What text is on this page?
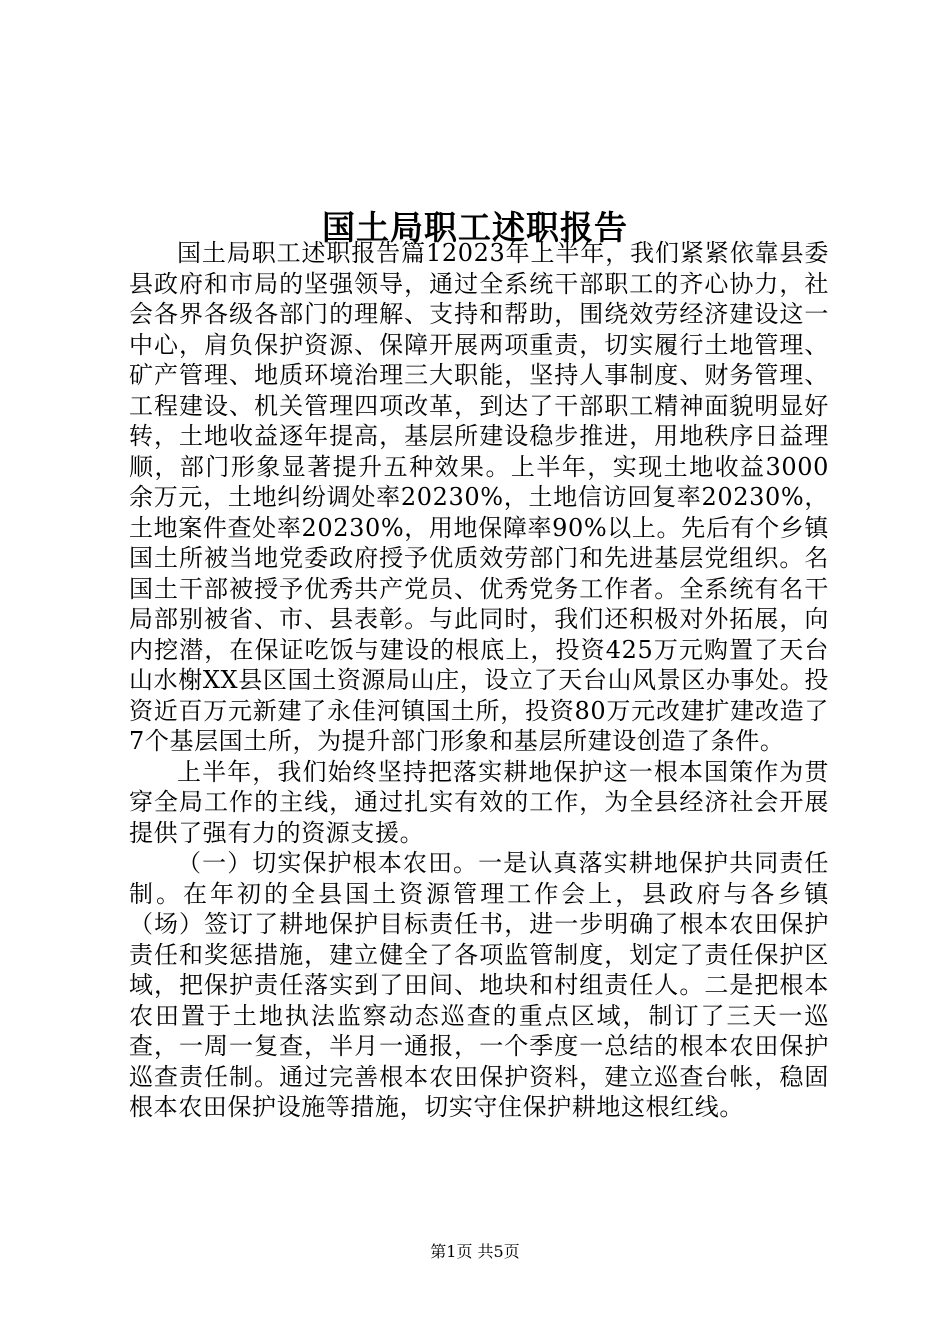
国土局职工述职报告

国土局职工述职报告篇12023年上半年，我们紧紧依靠县委县政府和市局的坚强领导，通过全系统干部职工的齐心协力，社会各界各级各部门的理解、支持和帮助，围绕效劳经济建设这一中心，肩负保护资源、保障开展两项重责，切实履行土地管理、矿产管理、地质环境治理三大职能，坚持人事制度、财务管理、工程建设、机关管理四项改革，到达了干部职工精神面貌明显好转，土地收益逐年提高，基层所建设稳步推进，用地秩序日益理顺，部门形象显著提升五种效果。上半年，实现土地收益3000余万元，土地纠纷调处率20230%，土地信访回复率20230%，土地案件查处率20230%，用地保障率90%以上。先后有个乡镇国土所被当地党委政府授予优质效劳部门和先进基层党组织。名国土干部被授予优秀共产党员、优秀党务工作者。全系统有名干局部别被省、市、县表彰。与此同时，我们还积极对外拓展，向内挖潜，在保证吃饭与建设的根底上，投资425万元购置了天台山水榭XX县区国土资源局山庄，设立了天台山风景区办事处。投资近百万元新建了永佳河镇国土所，投资80万元改建扩建改造了7个基层国土所，为提升部门形象和基层所建设创造了条件。

上半年，我们始终坚持把落实耕地保护这一根本国策作为贯穿全局工作的主线，通过扎实有效的工作，为全县经济社会开展提供了强有力的资源支援。

（一）切实保护根本农田。一是认真落实耕地保护共同责任制。在年初的全县国土资源管理工作会上，县政府与各乡镇（场）签订了耕地保护目标责任书，进一步明确了根本农田保护责任和奖惩措施，建立健全了各项监管制度，划定了责任保护区域，把保护责任落实到了田间、地块和村组责任人。二是把根本农田置于土地执法监察动态巡查的重点区域，制订了三天一巡查，一周一复查，半月一通报，一个季度一总结的根本农田保护巡查责任制。通过完善根本农田保护资料，建立巡查台帐，稳固根本农田保护设施等措施，切实守住保护耕地这根红线。

第1页 共5页
